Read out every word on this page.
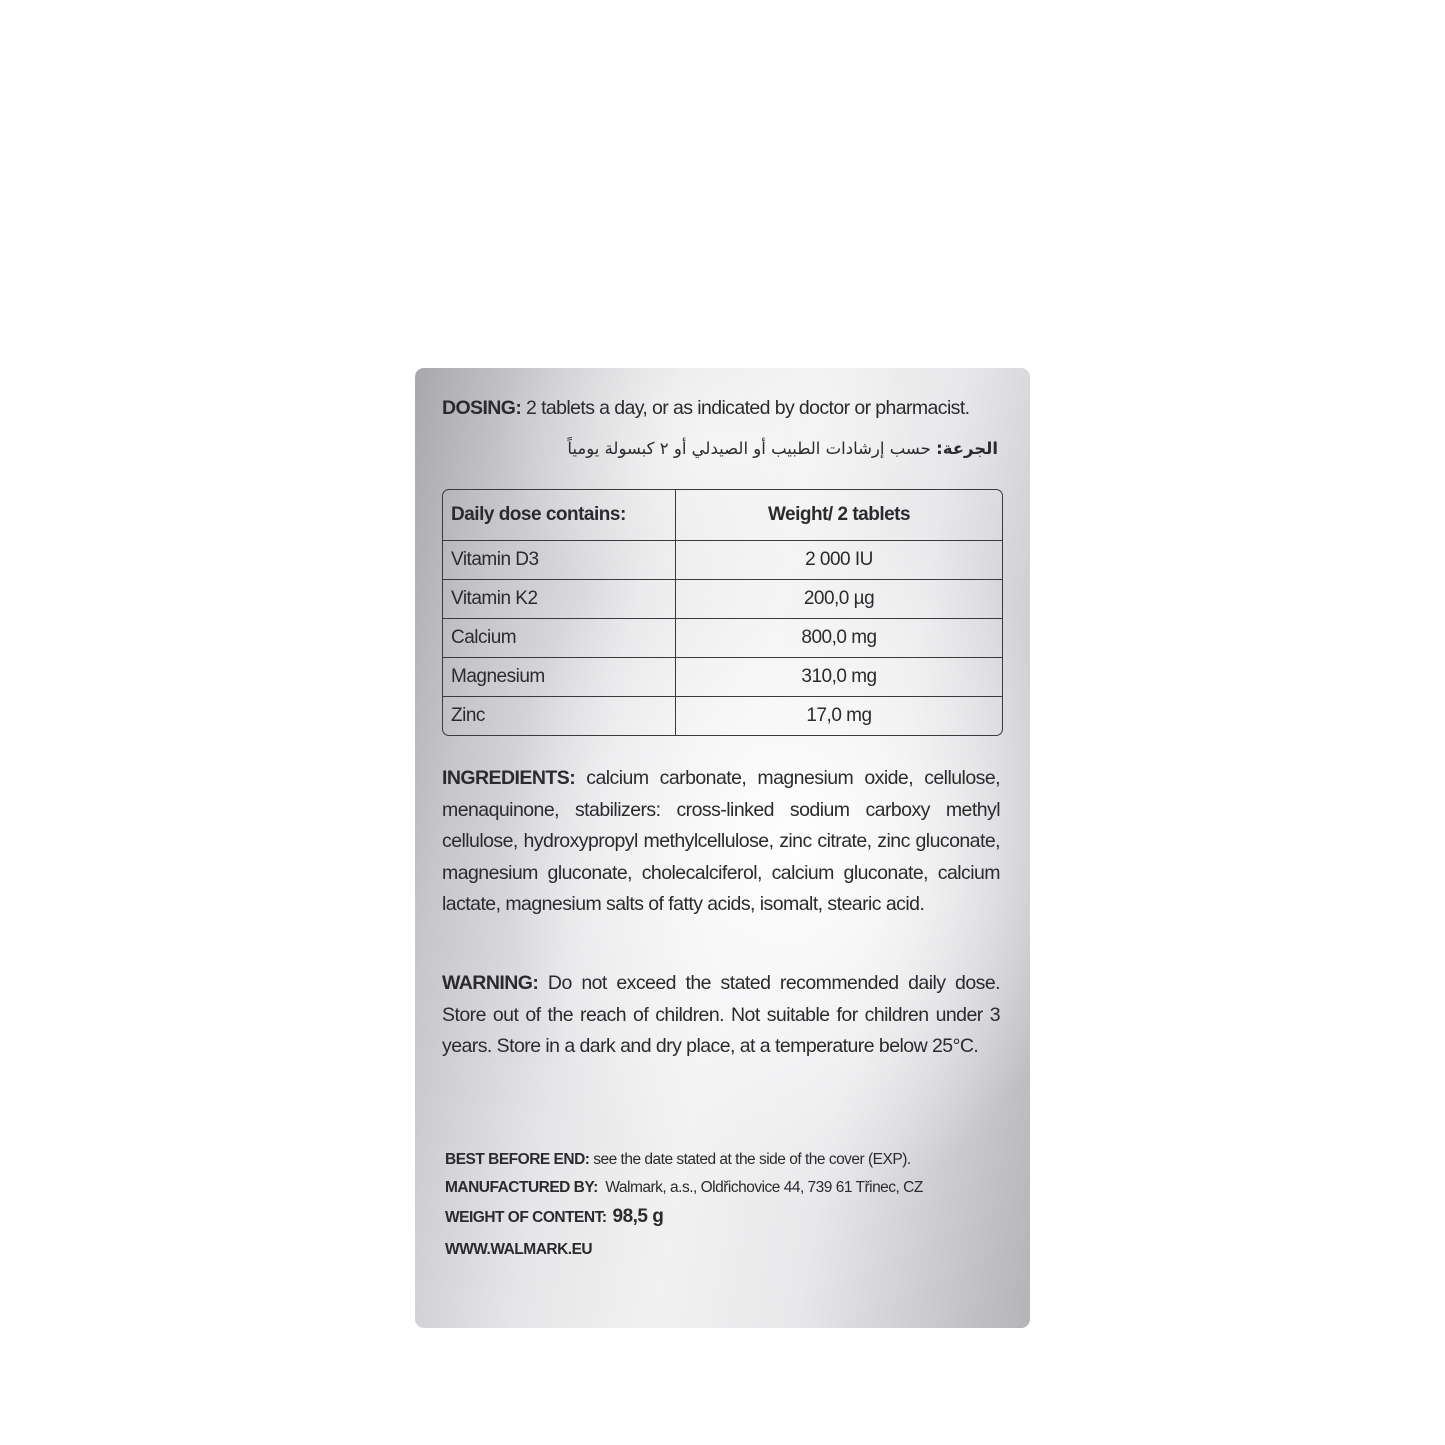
DOSING: 2 tablets a day, or as indicated by doctor or pharmacist.
الجرعة: حسب إرشادات الطبيب أو الصيدلي أو ٢ كبسولة يومياً
Daily dose contains:	Weight/ 2 tablets
Vitamin D3	2 000 IU
Vitamin K2	200,0 µg
Calcium	800,0 mg
Magnesium	310,0 mg
Zinc	17,0 mg
INGREDIENTS: calcium carbonate, magnesium oxide, cellulose, menaquinone, stabilizers: cross-linked sodium carboxy methyl cellulose, hydroxypropyl methylcellulose, zinc citrate, zinc gluconate, magnesium gluconate, cholecalciferol, calcium gluconate, calcium lactate, magnesium salts of fatty acids, isomalt, stearic acid.
WARNING: Do not exceed the stated recommended daily dose. Store out of the reach of children. Not suitable for children under 3 years. Store in a dark and dry place, at a temperature below 25°C.
BEST BEFORE END: see the date stated at the side of the cover (EXP).
MANUFACTURED BY:  Walmark, a.s., Oldřichovice 44, 739 61 Třinec, CZ
WEIGHT OF CONTENT: 98,5 g
WWW.WALMARK.EU
